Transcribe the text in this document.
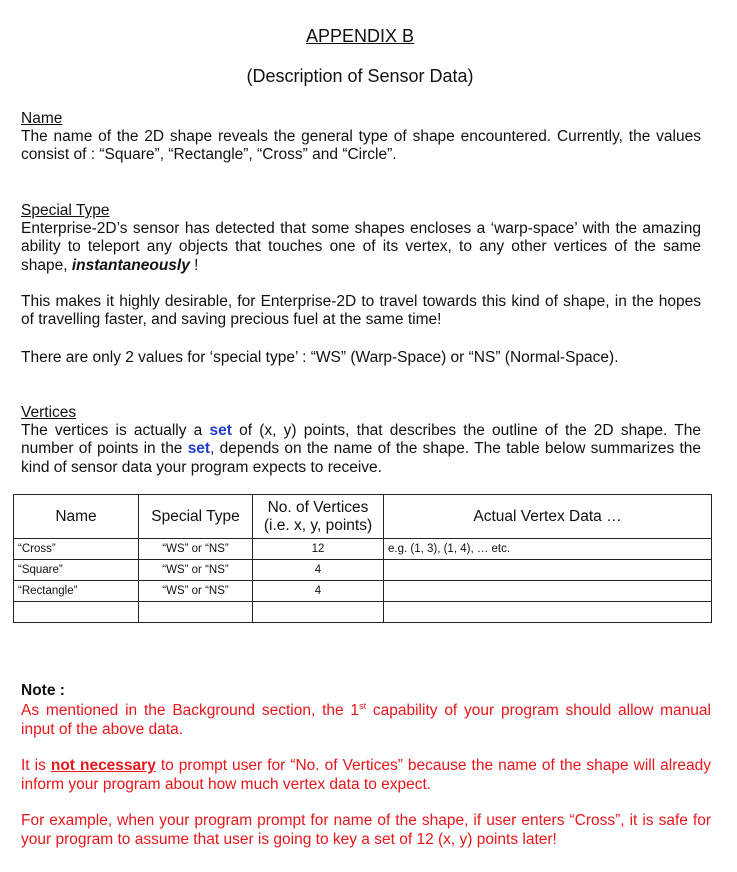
APPENDIX B
(Description of Sensor Data)
Name
The name of the 2D shape reveals the general type of shape encountered. Currently, the values consist of : “Square”, “Rectangle”, “Cross” and “Circle”.
Special Type
Enterprise-2D’s sensor has detected that some shapes encloses a ‘warp-space’ with the amazing ability to teleport any objects that touches one of its vertex, to any other vertices of the same shape, instantaneously !
This makes it highly desirable, for Enterprise-2D to travel towards this kind of shape, in the hopes of travelling faster, and saving precious fuel at the same time!
There are only 2 values for ‘special type’ : “WS” (Warp-Space) or “NS” (Normal-Space).
Vertices
The vertices is actually a set of (x, y) points, that describes the outline of the 2D shape. The number of points in the set, depends on the name of the shape. The table below summarizes the kind of sensor data your program expects to receive.
Name	Special Type	No. of Vertices (i.e. x, y, points)	Actual Vertex Data …
“Cross”	“WS” or “NS”	12	e.g. (1, 3), (1, 4), … etc.
“Square”	“WS” or “NS”	4	
“Rectangle”	“WS” or “NS”	4	

Note :
As mentioned in the Background section, the 1st capability of your program should allow manual input of the above data.
It is not necessary to prompt user for “No. of Vertices” because the name of the shape will already inform your program about how much vertex data to expect.
For example, when your program prompt for name of the shape, if user enters “Cross”, it is safe for your program to assume that user is going to key a set of 12 (x, y) points later!
